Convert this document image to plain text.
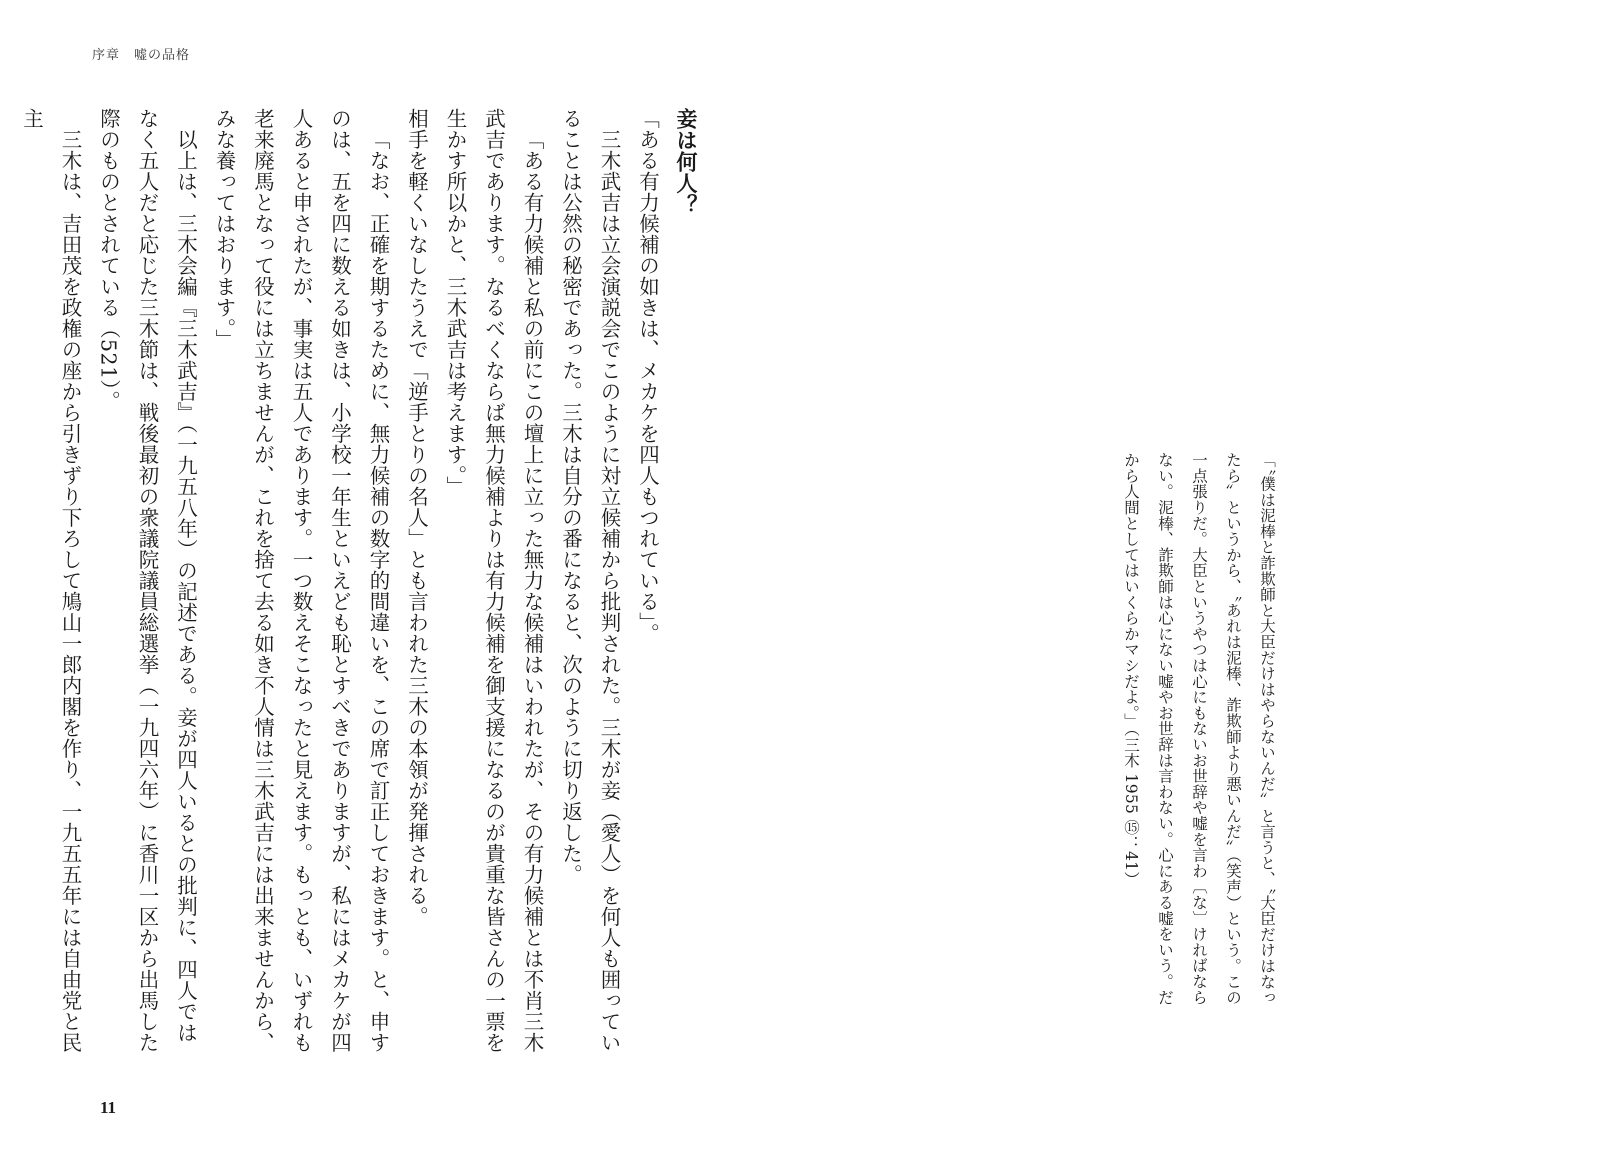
序章　嘘の品格

妾は何人？

「ある有力候補の如きは、メカケを四人もつれている」。

三木武吉は立会演説会でこのように対立候補から批判された。三木が妾（愛人）を何人も囲っていることは公然の秘密であった。三木は自分の番になると、次のように切り返した。

「ある有力候補と私の前にこの壇上に立った無力な候補はいわれたが、その有力候補とは不肖三木武吉であります。なるべくならば無力候補よりは有力候補を御支援になるのが貴重な皆さんの一票を生かす所以かと、三木武吉は考えます。」

相手を軽くいなしたうえで「逆手とりの名人」とも言われた三木の本領が発揮される。

「なお、正確を期するために、無力候補の数字的間違いを、この席で訂正しておきます。と、申すのは、五を四に数える如きは、小学校一年生といえども恥とすべきでありますが、私にはメカケが四人あると申されたが、事実は五人であります。一つ数えそこなったと見えます。もっとも、いずれも老来廃馬となって役には立ちませんが、これを捨て去る如き不人情は三木武吉には出来ませんから、みな養ってはおります。」

以上は、三木会編『三木武吉』（一九五八年）の記述である。妾が四人いるとの批判に、四人ではなく五人だと応じた三木節は、戦後最初の衆議院議員総選挙（一九四六年）に香川一区から出馬した際のものとされている（521）。

三木は、吉田茂を政権の座から引きずり下ろして鳩山一郎内閣を作り、一九五五年には自由党と民主

「〝僕は泥棒と詐欺師と大臣だけはやらないんだ〟と言うと、〝大臣だけはなったら〟というから、〝あれは泥棒、詐欺師より悪いんだ〟（笑声）という。この一点張りだ。大臣というやつは心にもないお世辞や嘘を言わ〔な〕ければならない。泥棒、詐欺師は心にない嘘やお世辞は言わない。心にある嘘をいう。だから人間としてはいくらかマシだよ。」（三木 1955 ⑮：41）

11
